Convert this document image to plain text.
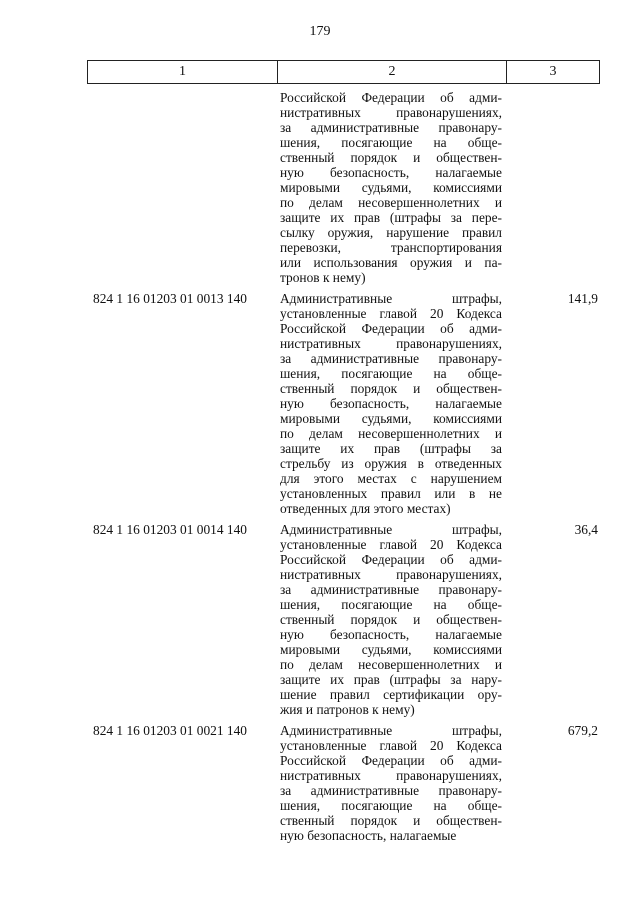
179
1	2	3
Российской Федерации об адми-
нистративных правонарушениях,
за административные правонару-
шения, посягающие на обще-
ственный порядок и обществен-
ную безопасность, налагаемые
мировыми судьями, комиссиями
по делам несовершеннолетних и
защите их прав (штрафы за пере-
сылку оружия, нарушение правил
перевозки, транспортирования
или использования оружия и па-
тронов к нему)
824 1 16 01203 01 0013 140 Административные штрафы,
установленные главой 20 Кодекса
Российской Федерации об адми-
нистративных правонарушениях,
за административные правонару-
шения, посягающие на обще-
ственный порядок и обществен-
ную безопасность, налагаемые
мировыми судьями, комиссиями
по делам несовершеннолетних и
защите их прав (штрафы за
стрельбу из оружия в отведенных
для этого местах с нарушением
установленных правил или в не
отведенных для этого местах)
141,9
824 1 16 01203 01 0014 140 Административные штрафы,
установленные главой 20 Кодекса
Российской Федерации об адми-
нистративных правонарушениях,
за административные правонару-
шения, посягающие на обще-
ственный порядок и обществен-
ную безопасность, налагаемые
мировыми судьями, комиссиями
по делам несовершеннолетних и
защите их прав (штрафы за нару-
шение правил сертификации ору-
жия и патронов к нему)
36,4
824 1 16 01203 01 0021 140 Административные штрафы,
установленные главой 20 Кодекса
Российской Федерации об адми-
нистративных правонарушениях,
за административные правонару-
шения, посягающие на обще-
ственный порядок и обществен-
ную безопасность, налагаемые
679,2
